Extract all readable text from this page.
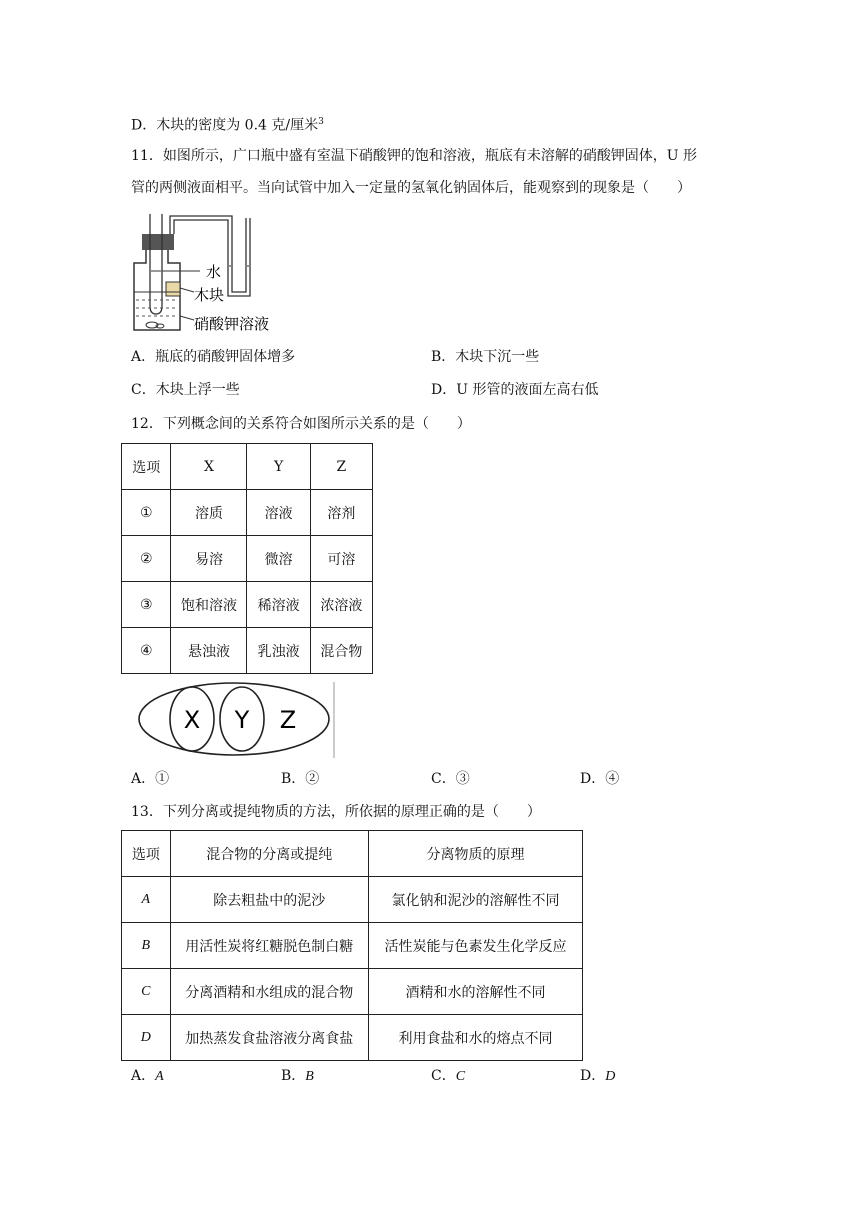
D．木块的密度为 0.4 克/厘米$^3$
11．如图所示，广口瓶中盛有室温下硝酸钾的饱和溶液，瓶底有未溶解的硝酸钾固体，U 形
管的两侧液面相平。当向试管中加入一定量的氢氧化钠固体后，能观察到的现象是（　　）
水
木块
硝酸钾溶液
A．瓶底的硝酸钾固体增多	B．木块下沉一些
C．木块上浮一些	D．U 形管的液面左高右低
12．下列概念间的关系符合如图所示关系的是（　　）
选项	X	Y	Z
①	溶质	溶液	溶剂
②	易溶	微溶	可溶
③	饱和溶液	稀溶液	浓溶液
④	悬浊液	乳浊液	混合物
X Y Z
A．①	B．②	C．③	D．④
13．下列分离或提纯物质的方法，所依据的原理正确的是（　　）
选项	混合物的分离或提纯	分离物质的原理
A	除去粗盐中的泥沙	氯化钠和泥沙的溶解性不同
B	用活性炭将红糖脱色制白糖	活性炭能与色素发生化学反应
C	分离酒精和水组成的混合物	酒精和水的溶解性不同
D	加热蒸发食盐溶液分离食盐	利用食盐和水的熔点不同
A．A	B．B	C．C	D．D
